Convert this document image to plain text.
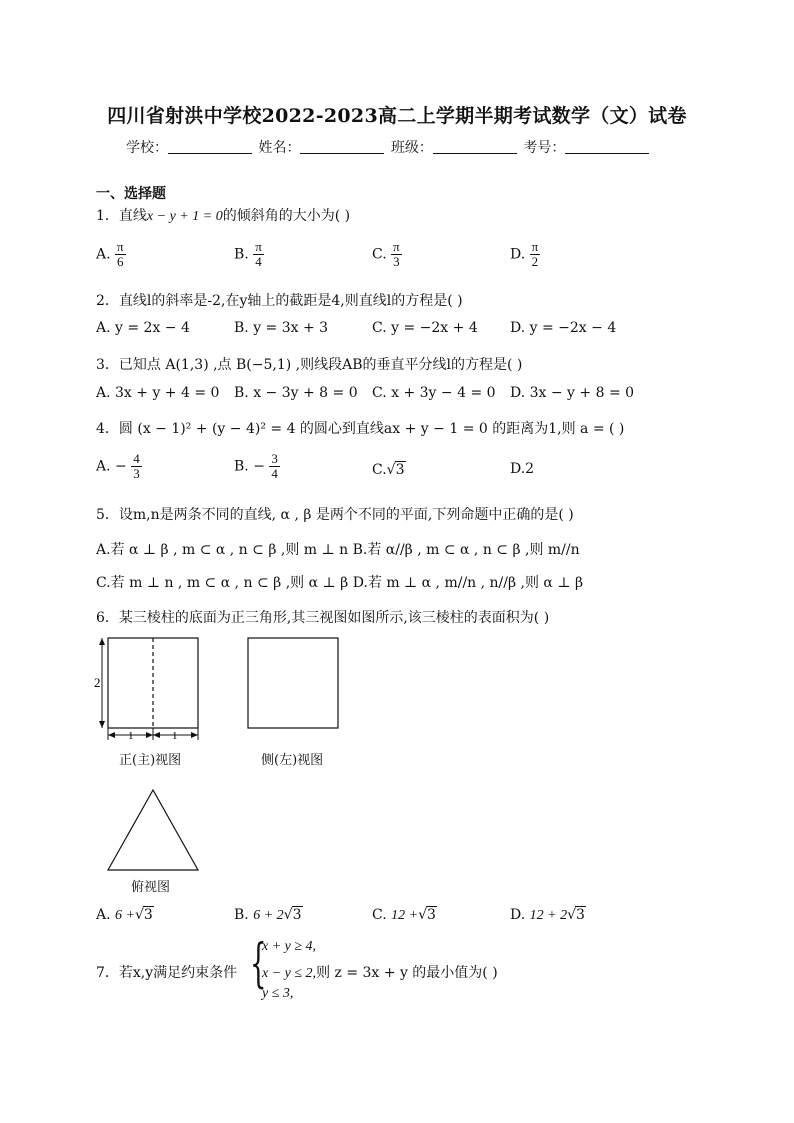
四川省射洪中学校2022-2023高二上学期半期考试数学（文）试卷
学校：	姓名：	班级：	考号：
一、选择题
1．直线x − y + 1 = 0的倾斜角的大小为( )
A. $\frac{\pi}{6}$	B. $\frac{\pi}{4}$	C. $\frac{\pi}{3}$	D. $\frac{\pi}{2}$
2．直线l的斜率是-2,在y轴上的截距是4,则直线l的方程是( )
A. y = 2x − 4	B. y = 3x + 3	C. y = −2x + 4 D. y = −2x − 4
3．已知点 A(1,3) ,点 B(−5,1) ,则线段AB的垂直平分线l的方程是( )
A. 3x + y + 4 = 0 B. x − 3y + 8 = 0 C. x + 3y − 4 = 0 D. 3x − y + 8 = 0
4．圆 (x − 1)² + (y − 4)² = 4 的圆心到直线ax + y − 1 = 0 的距离为1,则 a = ( )
A. − $\frac{4}{3}$	B. − $\frac{3}{4}$	C.√3	D.2
5．设m,n是两条不同的直线, α , β 是两个不同的平面,下列命题中正确的是( )
A.若 α ⊥ β , m ⊂ α , n ⊂ β ,则 m ⊥ n B.若 α//β , m ⊂ α , n ⊂ β ,则 m//n
C.若 m ⊥ n , m ⊂ α , n ⊂ β ,则 α ⊥ β D.若 m ⊥ α , m//n , n//β ,则 α ⊥ β
6．某三棱柱的底面为正三角形,其三视图如图所示,该三棱柱的表面积为( )
2
1	1
正(主)视图	侧(左)视图
俯视图
A. 6 +√3	B. 6 + 2√3	C. 12 +√3	D. 12 + 2√3
7．若x,y满足约束条件 {
x + y ≥ 4,
x − y ≤ 2,则 z = 3x + y 的最小值为( )
y ≤ 3,
